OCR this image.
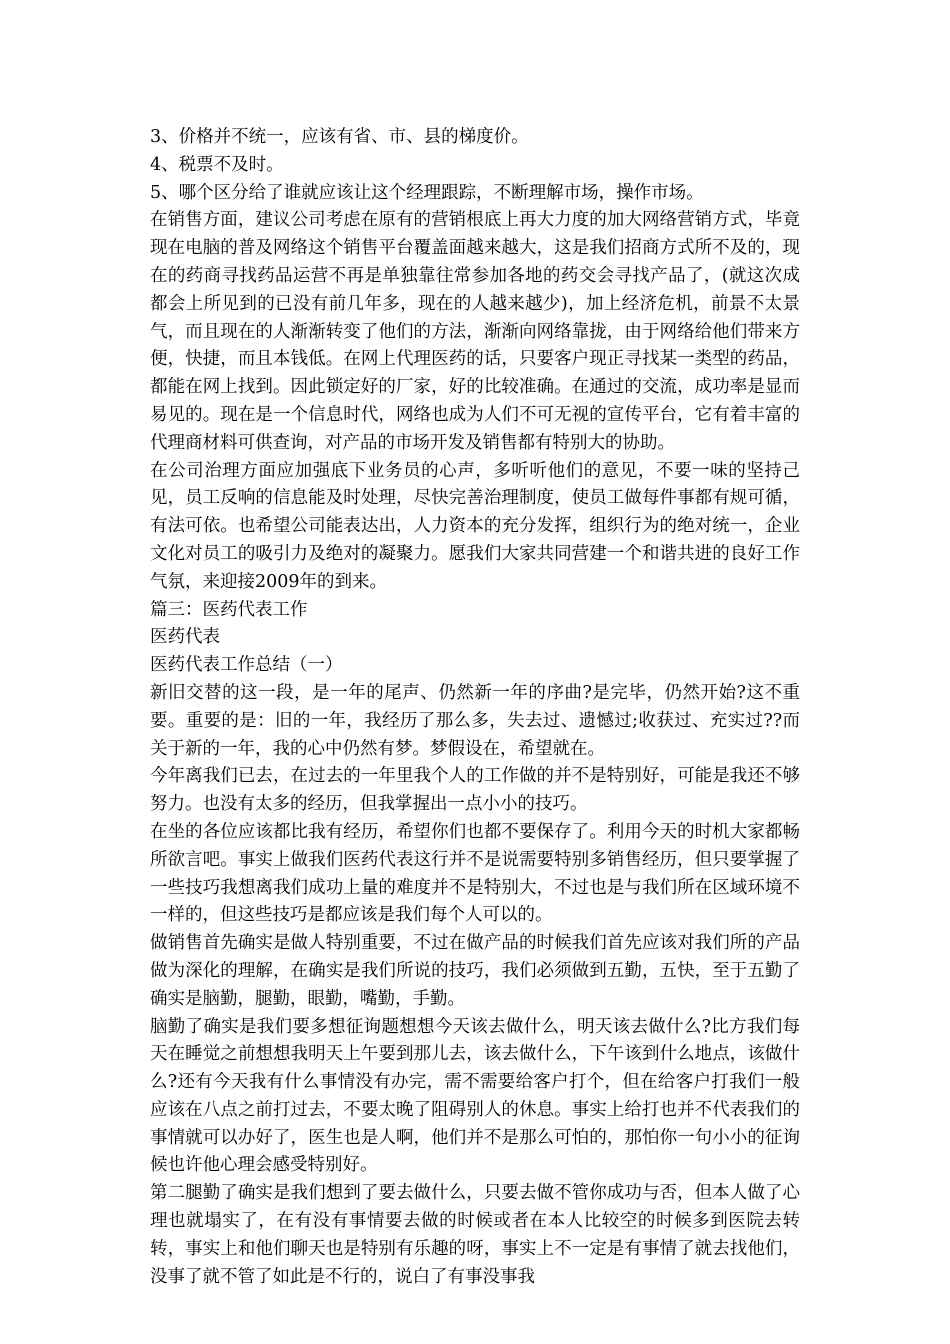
3、价格并不统一，应该有省、市、县的梯度价。

4、税票不及时。

5、哪个区分给了谁就应该让这个经理跟踪，不断理解市场，操作市场。

在销售方面，建议公司考虑在原有的营销根底上再大力度的加大网络营销方式，毕竟现在电脑的普及网络这个销售平台覆盖面越来越大，这是我们招商方式所不及的，现在的药商寻找药品运营不再是单独靠往常参加各地的药交会寻找产品了，(就这次成都会上所见到的已没有前几年多，现在的人越来越少)，加上经济危机，前景不太景气，而且现在的人渐渐转变了他们的方法，渐渐向网络靠拢，由于网络给他们带来方便，快捷，而且本钱低。在网上代理医药的话，只要客户现正寻找某一类型的药品，都能在网上找到。因此锁定好的厂家，好的比较准确。在通过的交流，成功率是显而易见的。现在是一个信息时代，网络也成为人们不可无视的宣传平台，它有着丰富的代理商材料可供查询，对产品的市场开发及销售都有特别大的协助。

在公司治理方面应加强底下业务员的心声，多听听他们的意见，不要一味的坚持己见，员工反响的信息能及时处理，尽快完善治理制度，使员工做每件事都有规可循，有法可依。也希望公司能表达出，人力资本的充分发挥，组织行为的绝对统一，企业文化对员工的吸引力及绝对的凝聚力。愿我们大家共同营建一个和谐共进的良好工作气氛，来迎接2009年的到来。

篇三：医药代表工作

医药代表

医药代表工作总结（一）

新旧交替的这一段，是一年的尾声、仍然新一年的序曲?是完毕，仍然开始?这不重要。重要的是：旧的一年，我经历了那么多，失去过、遗憾过;收获过、充实过??而关于新的一年，我的心中仍然有梦。梦假设在，希望就在。

今年离我们已去，在过去的一年里我个人的工作做的并不是特别好，可能是我还不够努力。也没有太多的经历，但我掌握出一点小小的技巧。

在坐的各位应该都比我有经历，希望你们也都不要保存了。利用今天的时机大家都畅所欲言吧。事实上做我们医药代表这行并不是说需要特别多销售经历，但只要掌握了一些技巧我想离我们成功上量的难度并不是特别大，不过也是与我们所在区域环境不一样的，但这些技巧是都应该是我们每个人可以的。

做销售首先确实是做人特别重要，不过在做产品的时候我们首先应该对我们所的产品做为深化的理解，在确实是我们所说的技巧，我们必须做到五勤，五快，至于五勤了确实是脑勤，腿勤，眼勤，嘴勤，手勤。

脑勤了确实是我们要多想征询题想想今天该去做什么，明天该去做什么?比方我们每天在睡觉之前想想我明天上午要到那儿去，该去做什么，下午该到什么地点，该做什么?还有今天我有什么事情没有办完，需不需要给客户打个，但在给客户打我们一般应该在八点之前打过去，不要太晚了阻碍别人的休息。事实上给打也并不代表我们的事情就可以办好了，医生也是人啊，他们并不是那么可怕的，那怕你一句小小的征询候也许他心理会感受特别好。

第二腿勤了确实是我们想到了要去做什么，只要去做不管你成功与否，但本人做了心理也就塌实了，在有没有事情要去做的时候或者在本人比较空的时候多到医院去转转，事实上和他们聊天也是特别有乐趣的呀，事实上不一定是有事情了就去找他们，没事了就不管了如此是不行的，说白了有事没事我
